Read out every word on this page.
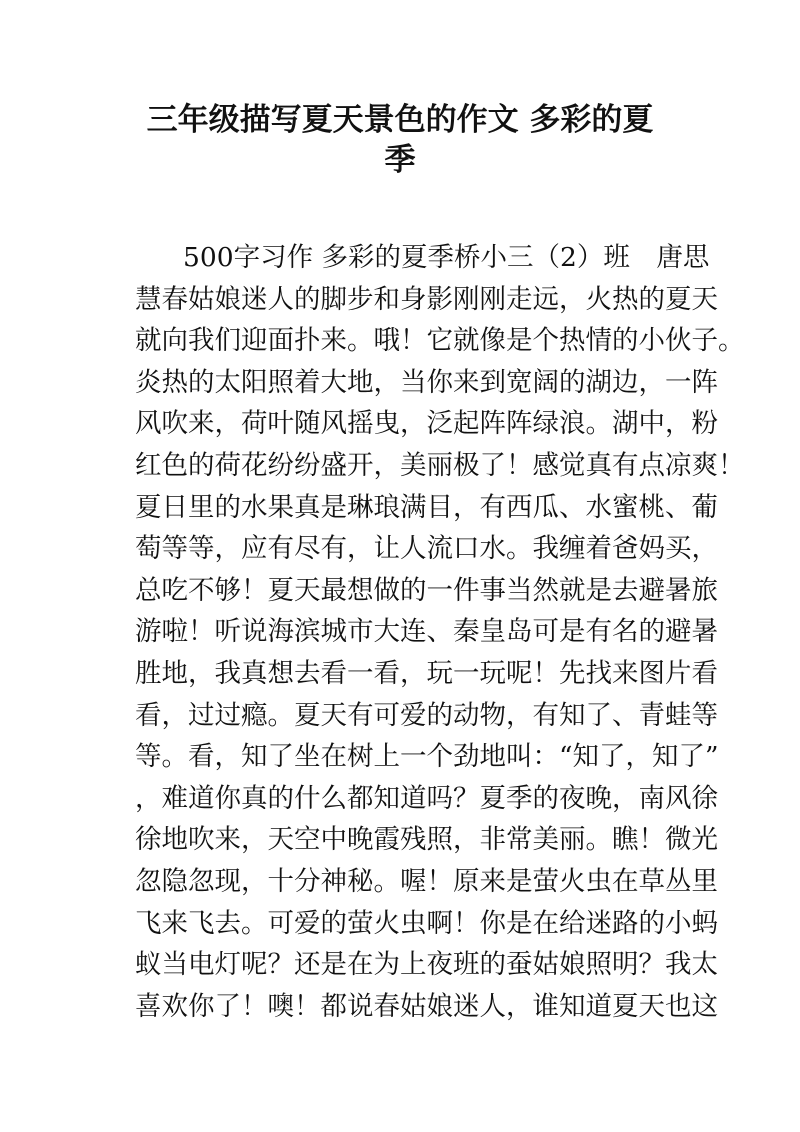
三年级描写夏天景色的作文 多彩的夏
季
500字习作 多彩的夏季桥小三（2）班　唐思
慧春姑娘迷人的脚步和身影刚刚走远，火热的夏天
就向我们迎面扑来。哦！它就像是个热情的小伙子。
炎热的太阳照着大地，当你来到宽阔的湖边，一阵
风吹来，荷叶随风摇曳，泛起阵阵绿浪。湖中，粉
红色的荷花纷纷盛开，美丽极了！感觉真有点凉爽！
夏日里的水果真是琳琅满目，有西瓜、水蜜桃、葡
萄等等，应有尽有，让人流口水。我缠着爸妈买，
总吃不够！夏天最想做的一件事当然就是去避暑旅
游啦！听说海滨城市大连、秦皇岛可是有名的避暑
胜地，我真想去看一看，玩一玩呢！先找来图片看
看，过过瘾。夏天有可爱的动物，有知了、青蛙等
等。看，知了坐在树上一个劲地叫：“知了，知了”
，难道你真的什么都知道吗？夏季的夜晚，南风徐
徐地吹来，天空中晚霞残照，非常美丽。瞧！微光
忽隐忽现，十分神秘。喔！原来是萤火虫在草丛里
飞来飞去。可爱的萤火虫啊！你是在给迷路的小蚂
蚁当电灯呢？还是在为上夜班的蚕姑娘照明？我太
喜欢你了！噢！都说春姑娘迷人，谁知道夏天也这
